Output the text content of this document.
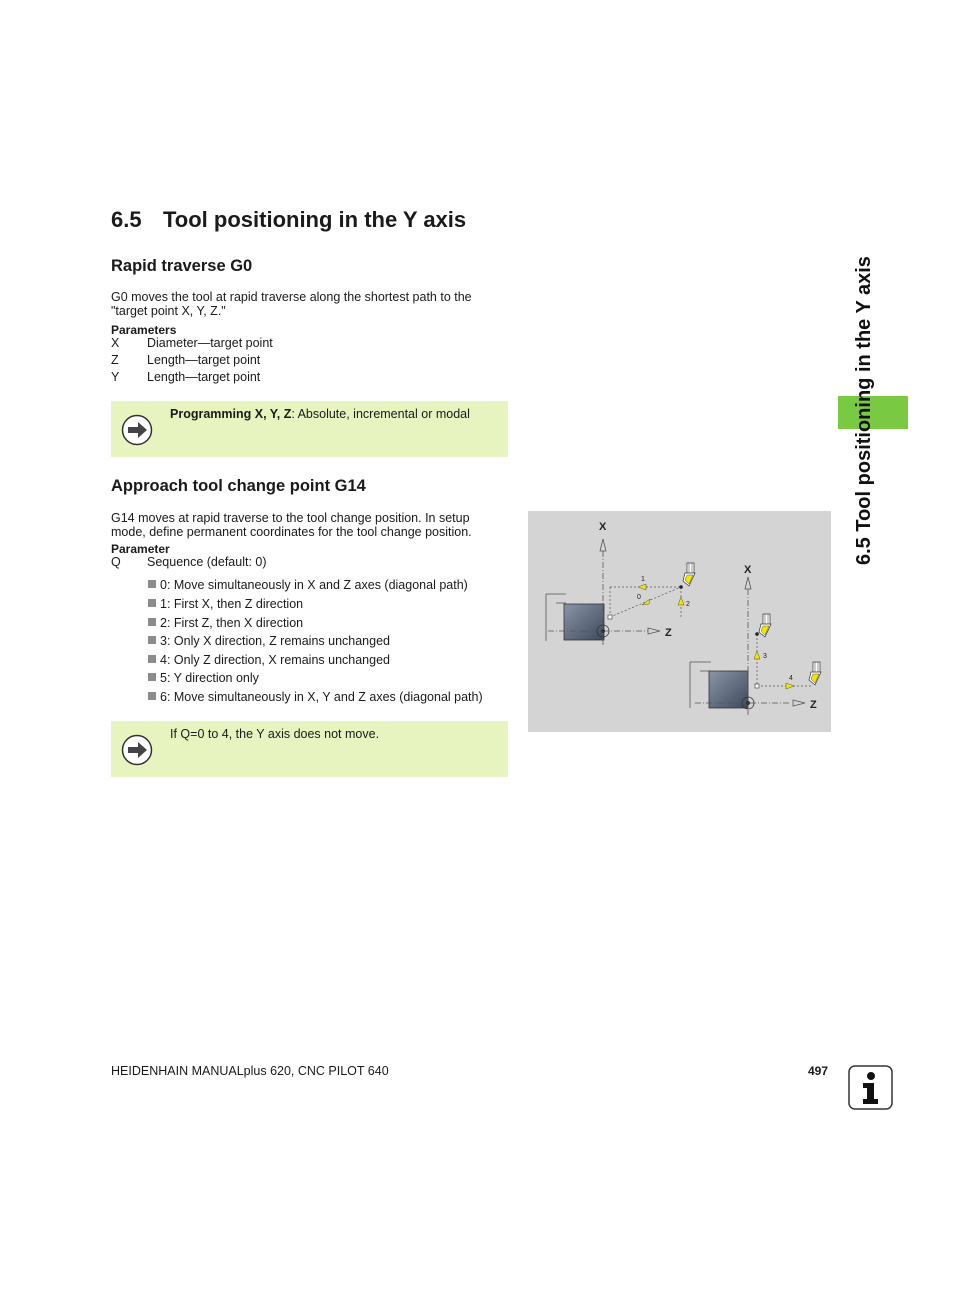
6.5 Tool positioning in the Y axis
6.5 Tool positioning in the Y axis
Rapid traverse G0
G0 moves the tool at rapid traverse along the shortest path to the
"target point X, Y, Z."
Parameters
X Diameter—target point
Z Length—target point
Y Length—target point
Programming X, Y, Z: Absolute, incremental or modal
Approach tool change point G14
G14 moves at rapid traverse to the tool change position. In setup
mode, define permanent coordinates for the tool change position.
Parameter
Q Sequence (default: 0)
0: Move simultaneously in X and Z axes (diagonal path)
1: First X, then Z direction
2: First Z, then X direction
3: Only X direction, Z remains unchanged
4: Only Z direction, X remains unchanged
5: Y direction only
6: Move simultaneously in X, Y and Z axes (diagonal path)
If Q=0 to 4, the Y axis does not move.
X
Z
1
0
2
X
Z
3
4
HEIDENHAIN MANUALplus 620, CNC PILOT 640	497
